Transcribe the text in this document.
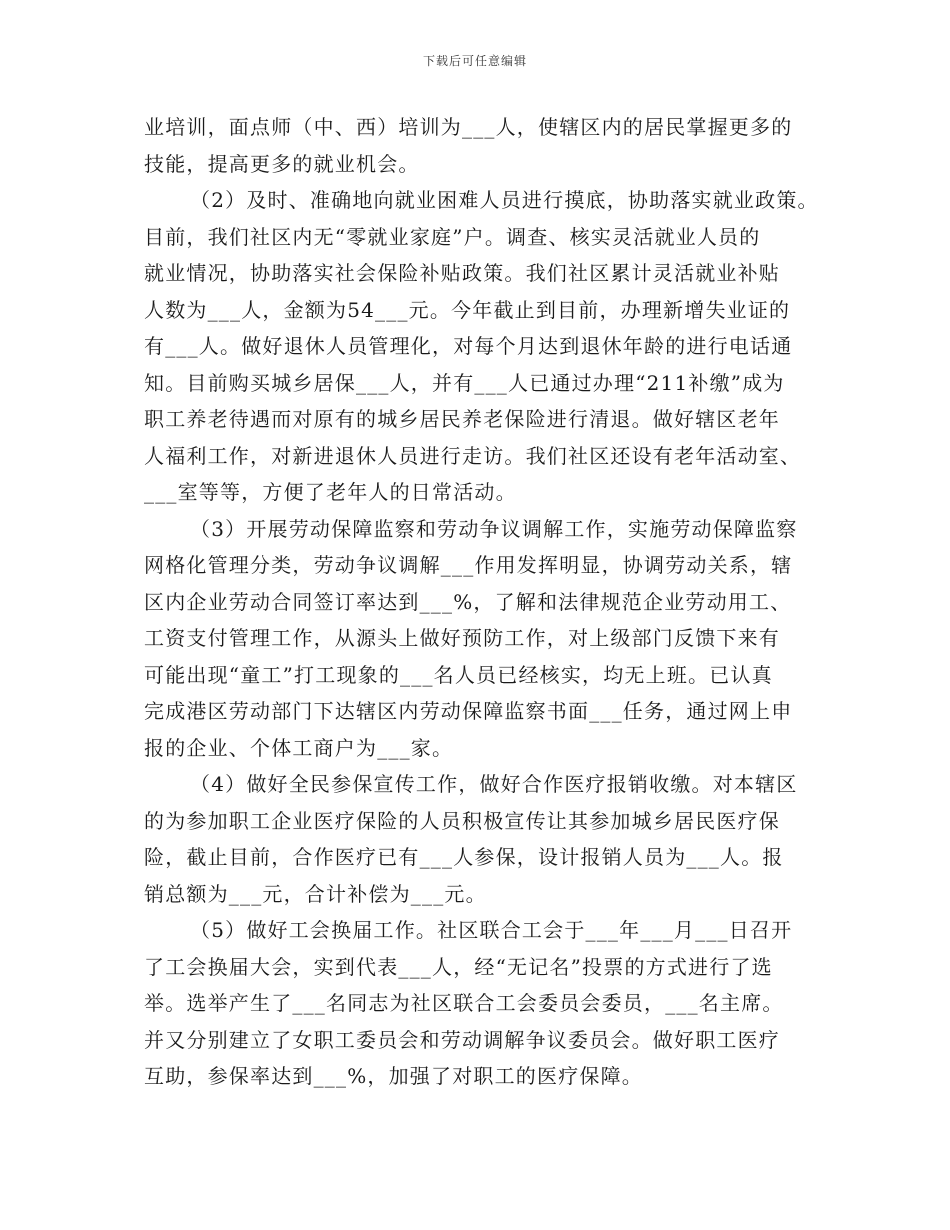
下载后可任意编辑
业培训，面点师（中、西）培训为___人，使辖区内的居民掌握更多的
技能，提高更多的就业机会。
（2）及时、准确地向就业困难人员进行摸底，协助落实就业政策。
目前，我们社区内无“零就业家庭”户。调查、核实灵活就业人员的
就业情况，协助落实社会保险补贴政策。我们社区累计灵活就业补贴
人数为___人，金额为54___元。今年截止到目前，办理新增失业证的
有___人。做好退休人员管理化，对每个月达到退休年龄的进行电话通
知。目前购买城乡居保___人，并有___人已通过办理“211补缴”成为
职工养老待遇而对原有的城乡居民养老保险进行清退。做好辖区老年
人福利工作，对新进退休人员进行走访。我们社区还设有老年活动室、
___室等等，方便了老年人的日常活动。
（3）开展劳动保障监察和劳动争议调解工作，实施劳动保障监察
网格化管理分类，劳动争议调解___作用发挥明显，协调劳动关系，辖
区内企业劳动合同签订率达到___%，了解和法律规范企业劳动用工、
工资支付管理工作，从源头上做好预防工作，对上级部门反馈下来有
可能出现“童工”打工现象的___名人员已经核实，均无上班。已认真
完成港区劳动部门下达辖区内劳动保障监察书面___任务，通过网上申
报的企业、个体工商户为___家。
（4）做好全民参保宣传工作，做好合作医疗报销收缴。对本辖区
的为参加职工企业医疗保险的人员积极宣传让其参加城乡居民医疗保
险，截止目前，合作医疗已有___人参保，设计报销人员为___人。报
销总额为___元，合计补偿为___元。
（5）做好工会换届工作。社区联合工会于___年___月___日召开
了工会换届大会，实到代表___人，经“无记名”投票的方式进行了选
举。选举产生了___名同志为社区联合工会委员会委员，___名主席。
并又分别建立了女职工委员会和劳动调解争议委员会。做好职工医疗
互助，参保率达到___%，加强了对职工的医疗保障。
